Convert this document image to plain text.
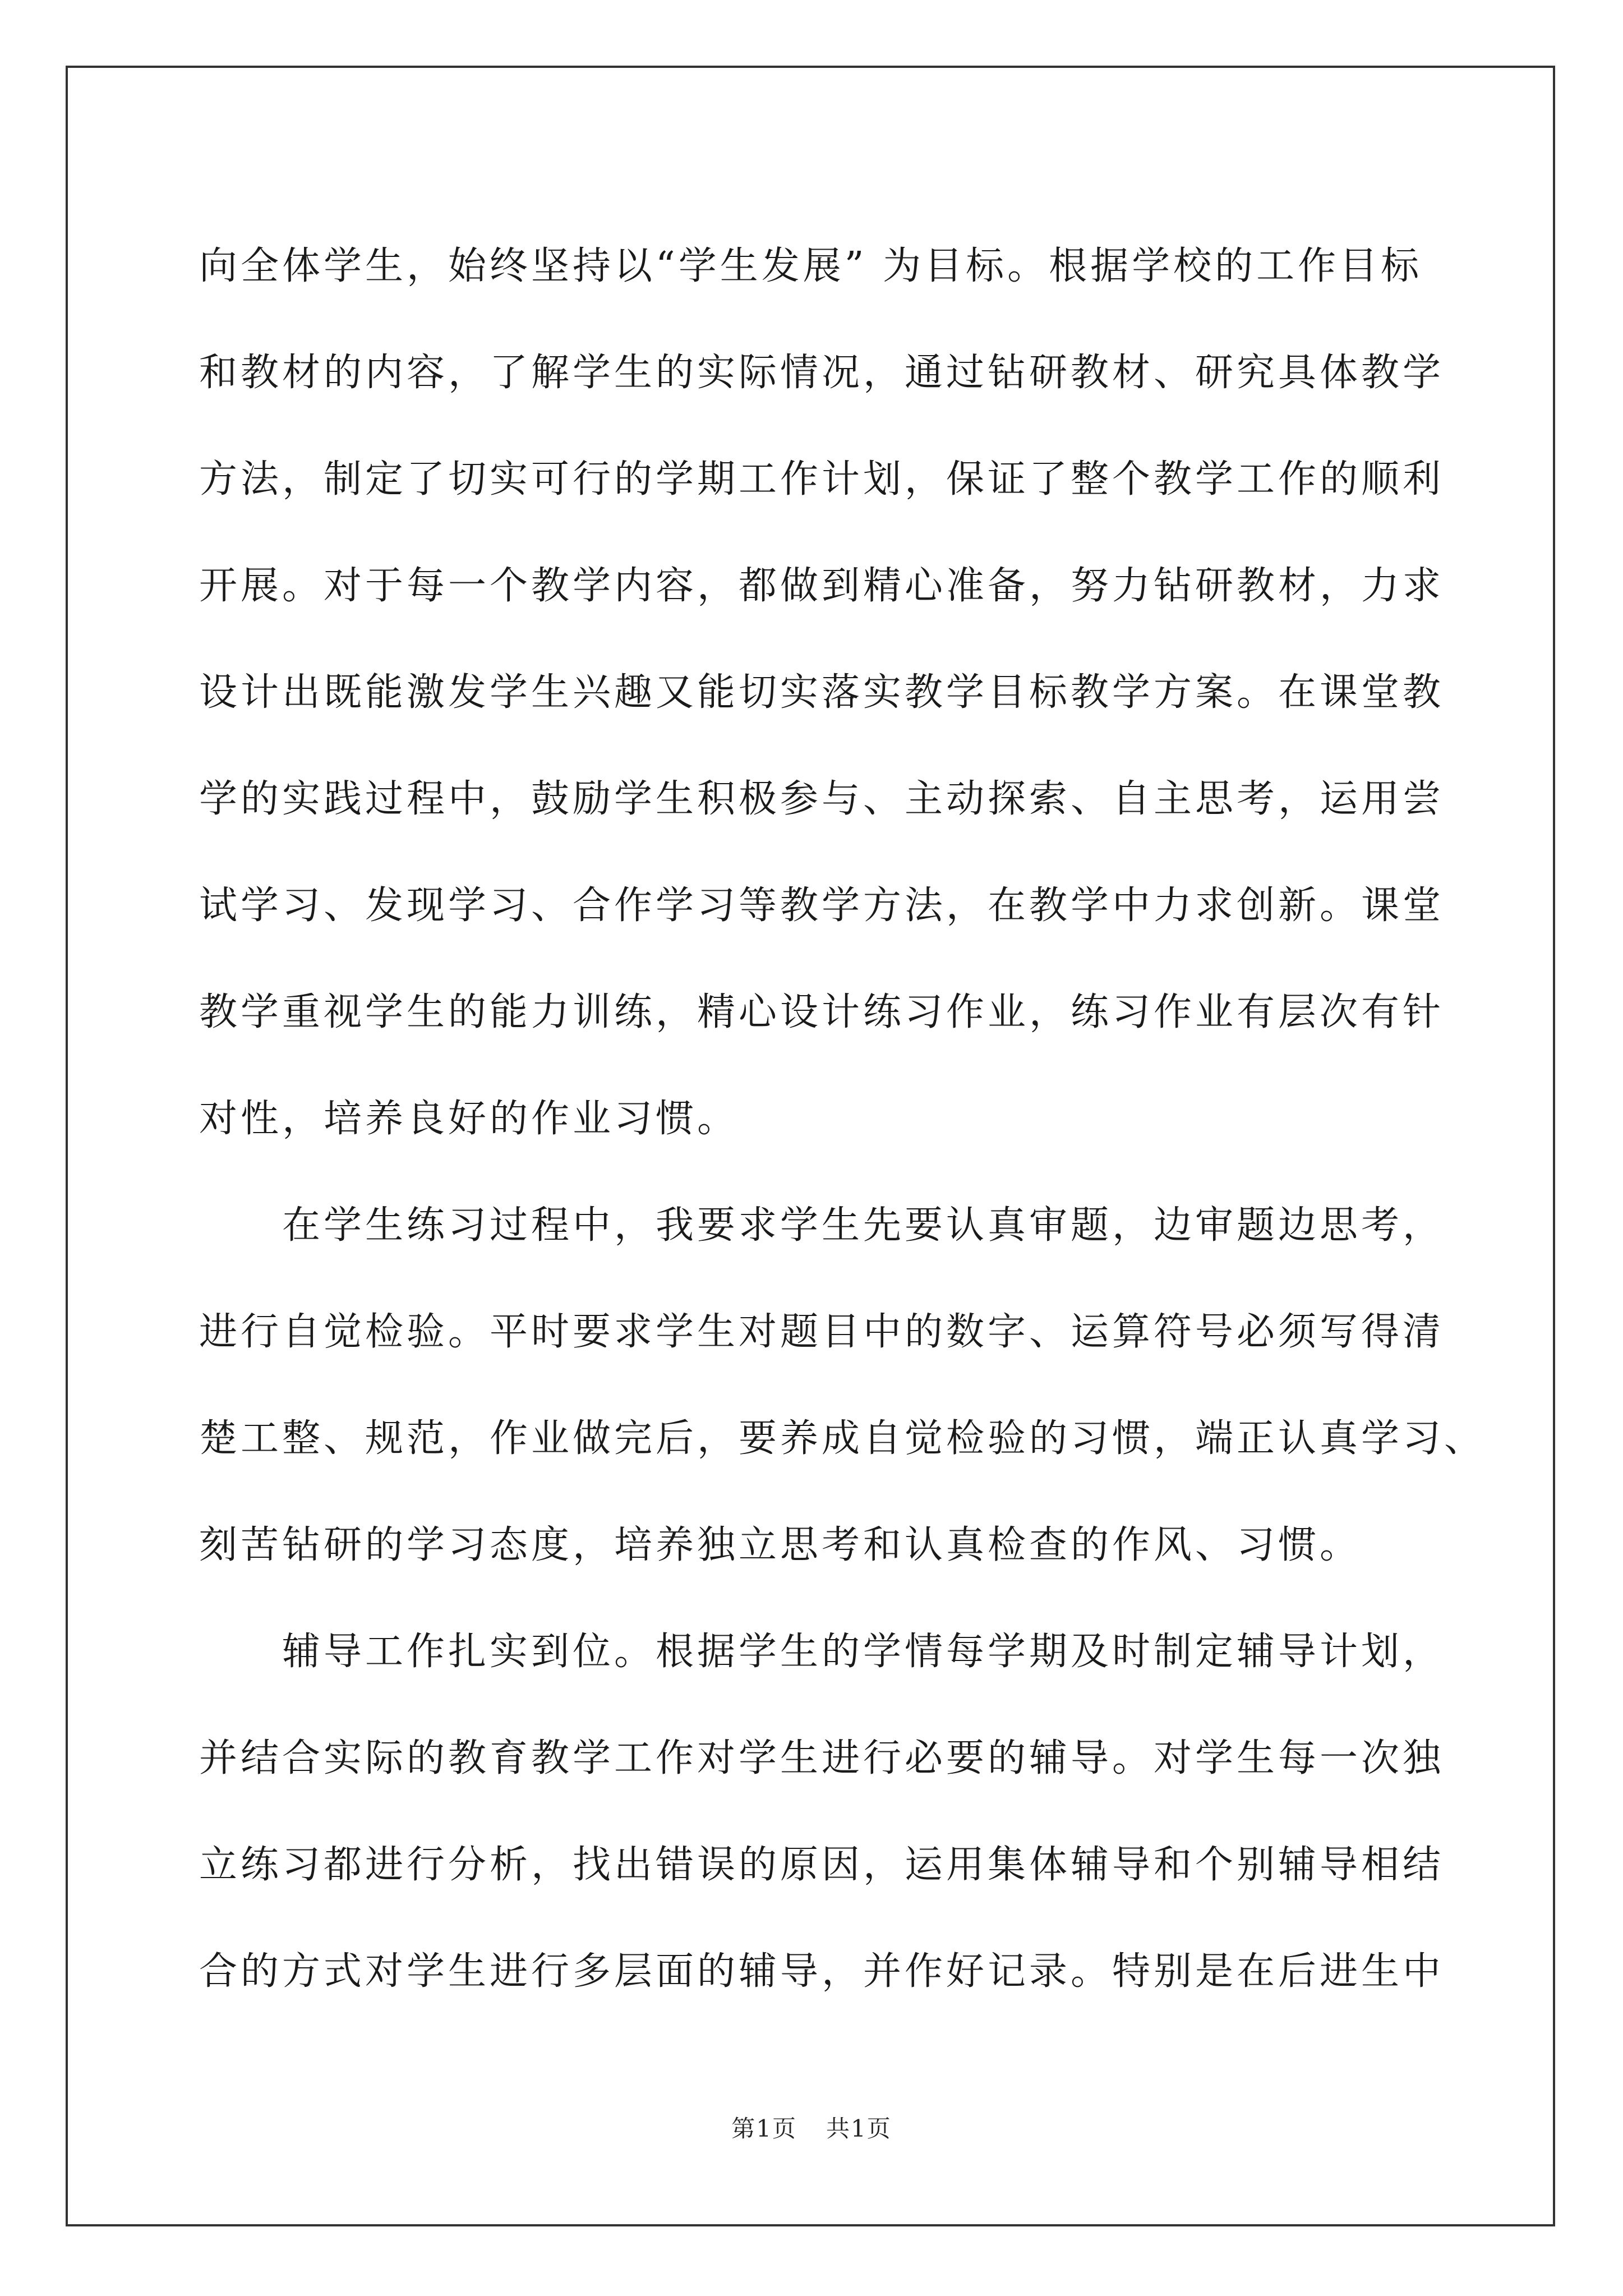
向全体学生，始终坚持以“学生发展” 为目标。根据学校的工作目标
和教材的内容，了解学生的实际情况，通过钻研教材、研究具体教学
方法，制定了切实可行的学期工作计划，保证了整个教学工作的顺利
开展。对于每一个教学内容，都做到精心准备，努力钻研教材，力求
设计出既能激发学生兴趣又能切实落实教学目标教学方案。在课堂教
学的实践过程中，鼓励学生积极参与、主动探索、自主思考，运用尝
试学习、发现学习、合作学习等教学方法，在教学中力求创新。课堂
教学重视学生的能力训练，精心设计练习作业，练习作业有层次有针
对性，培养良好的作业习惯。
在学生练习过程中，我要求学生先要认真审题，边审题边思考，
进行自觉检验。平时要求学生对题目中的数字、运算符号必须写得清
楚工整、规范，作业做完后，要养成自觉检验的习惯，端正认真学习、
刻苦钻研的学习态度，培养独立思考和认真检查的作风、习惯。
辅导工作扎实到位。根据学生的学情每学期及时制定辅导计划，
并结合实际的教育教学工作对学生进行必要的辅导。对学生每一次独
立练习都进行分析，找出错误的原因，运用集体辅导和个别辅导相结
合的方式对学生进行多层面的辅导，并作好记录。特别是在后进生中
第1页 共1页
